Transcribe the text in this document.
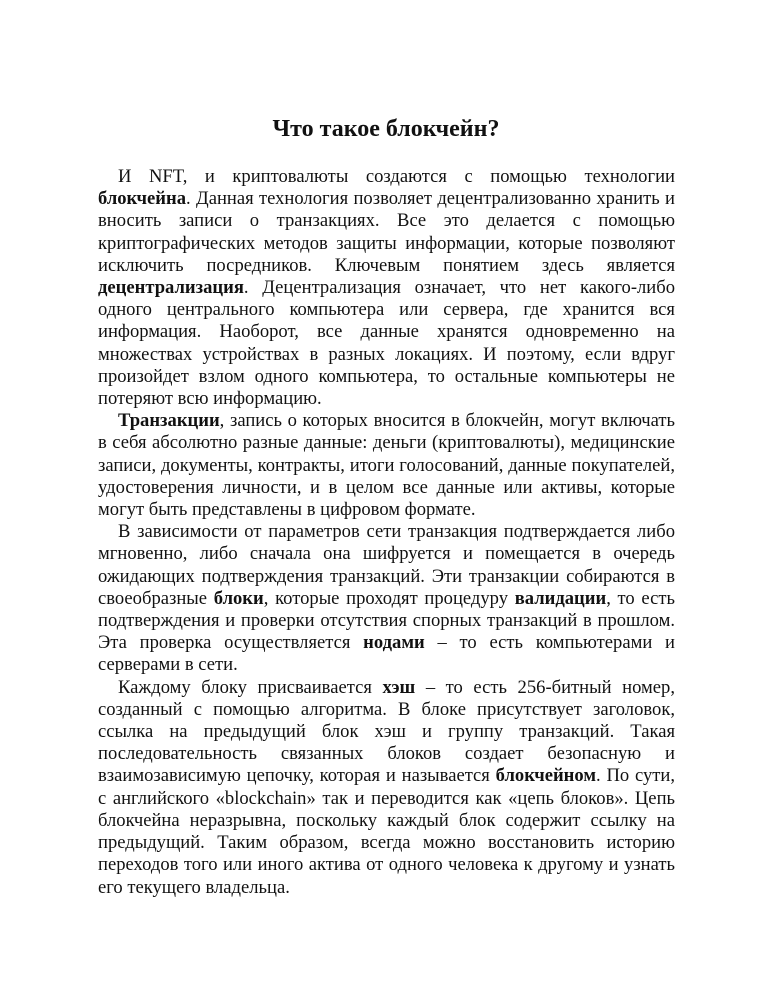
Что такое блокчейн?

И NFT, и криптовалюты создаются с помощью технологии блокчейна. Данная технология позволяет децентрализованно хранить и вносить записи о транзакциях. Все это делается с помощью криптографических методов защиты информации, которые позволяют исключить посредников. Ключевым понятием здесь является децентрализация. Децентрализация означает, что нет какого-либо одного центрального компьютера или сервера, где хранится вся информация. Наоборот, все данные хранятся одновременно на множествах устройствах в разных локациях. И поэтому, если вдруг произойдет взлом одного компьютера, то остальные компьютеры не потеряют всю информацию.

Транзакции, запись о которых вносится в блокчейн, могут включать в себя абсолютно разные данные: деньги (криптовалюты), медицинские записи, документы, контракты, итоги голосований, данные покупателей, удостоверения личности, и в целом все данные или активы, которые могут быть представлены в цифровом формате.

В зависимости от параметров сети транзакция подтверждается либо мгновенно, либо сначала она шифруется и помещается в очередь ожидающих подтверждения транзакций. Эти транзакции собираются в своеобразные блоки, которые проходят процедуру валидации, то есть подтверждения и проверки отсутствия спорных транзакций в прошлом. Эта проверка осуществляется нодами – то есть компьютерами и серверами в сети.

Каждому блоку присваивается хэш – то есть 256-битный номер, созданный с помощью алгоритма. В блоке присутствует заголовок, ссылка на предыдущий блок хэш и группу транзакций. Такая последовательность связанных блоков создает безопасную и взаимозависимую цепочку, которая и называется блокчейном. По сути, с английского «blockchain» так и переводится как «цепь блоков». Цепь блокчейна неразрывна, поскольку каждый блок содержит ссылку на предыдущий. Таким образом, всегда можно восстановить историю переходов того или иного актива от одного человека к другому и узнать его текущего владельца.
